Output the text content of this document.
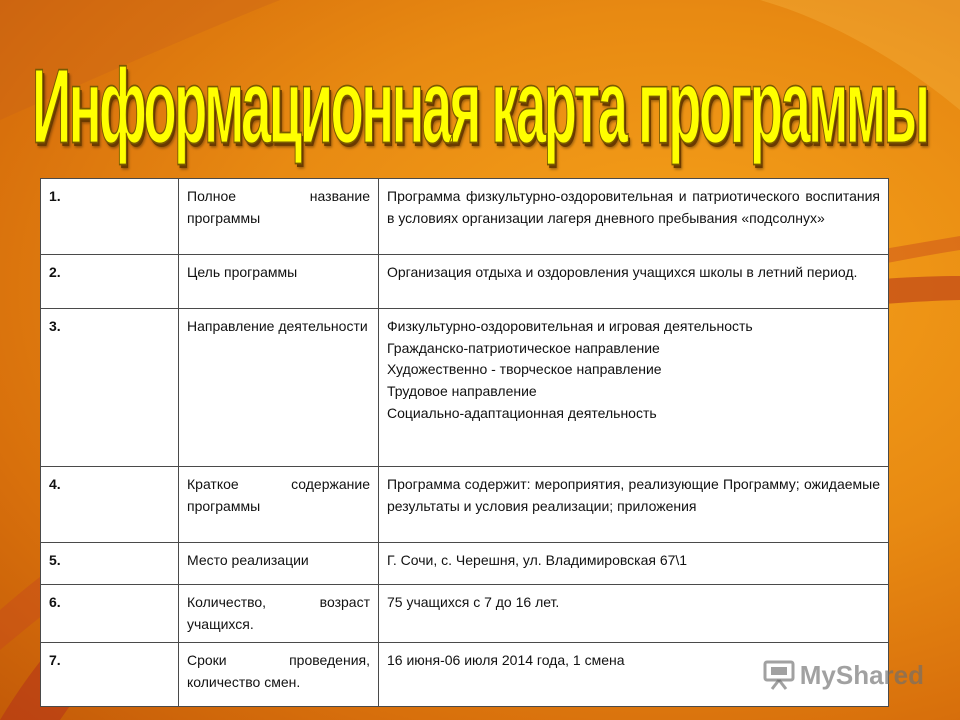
Информационная карта программы
1.	Полное название программы	Программа физкультурно-оздоровительная и патриотического воспитания в условиях организации лагеря дневного пребывания «подсолнух»

2.	Цель программы	Организация отдыха и оздоровления учащихся школы в летний период.

3.	Направление деятельности	Физкультурно-оздоровительная и игровая деятельность
Гражданско-патриотическое направление
Художественно - творческое направление
Трудовое направление
Социально-адаптационная деятельность

4.	Краткое содержание программы	Программа содержит: мероприятия, реализующие Программу; ожидаемые результаты и условия реализации; приложения

5.	Место реализации	Г. Сочи, с. Черешня, ул. Владимировская 67\1

6.	Количество, возраст учащихся.	75 учащихся с 7 до 16 лет.

7.	Сроки проведения, количество смен.	16 июня-06 июля 2014 года, 1 смена	MyShared
